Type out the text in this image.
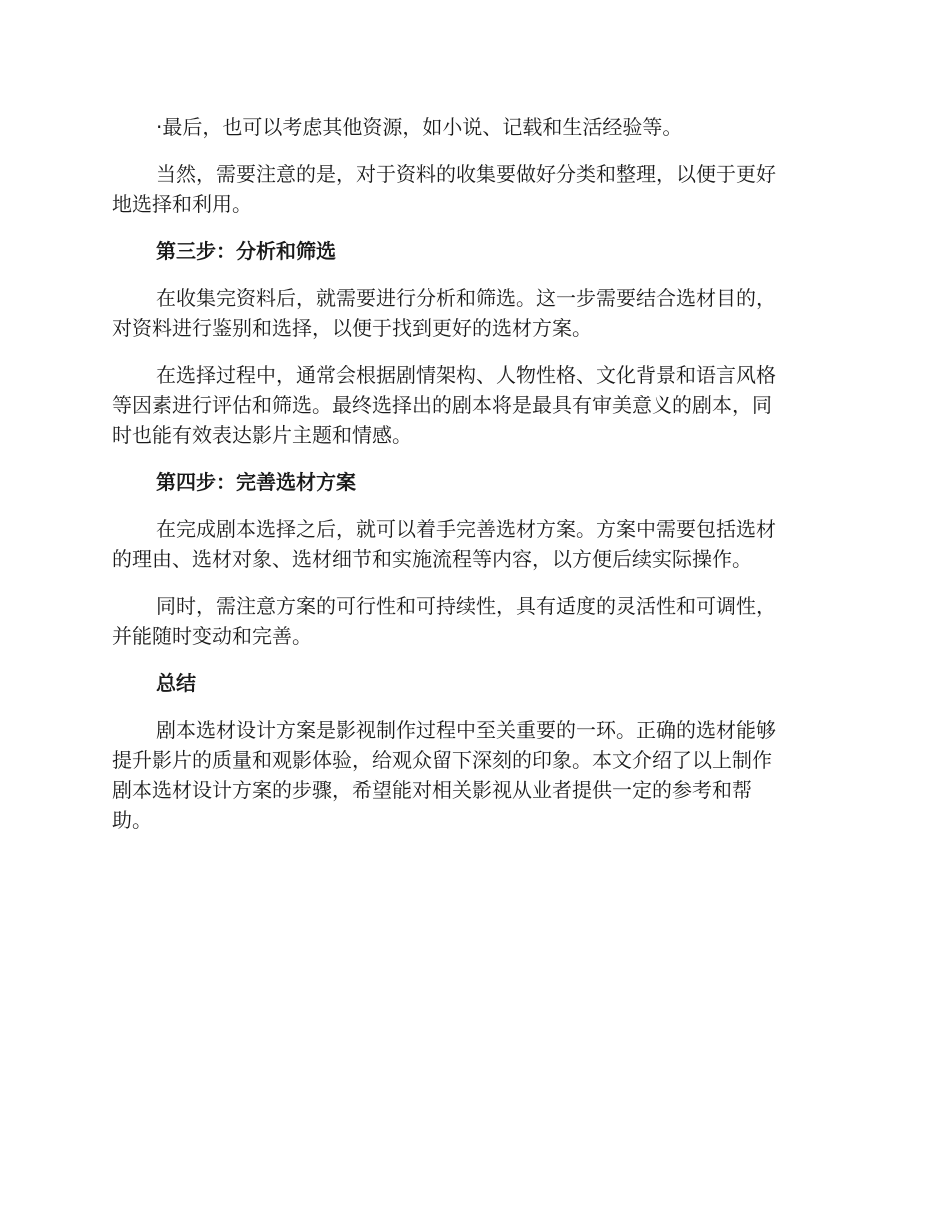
·最后，也可以考虑其他资源，如小说、记载和生活经验等。
当然，需要注意的是，对于资料的收集要做好分类和整理，以便于更好
地选择和利用。
第三步：分析和筛选
在收集完资料后，就需要进行分析和筛选。这一步需要结合选材目的，
对资料进行鉴别和选择，以便于找到更好的选材方案。
在选择过程中，通常会根据剧情架构、人物性格、文化背景和语言风格
等因素进行评估和筛选。最终选择出的剧本将是最具有审美意义的剧本，同
时也能有效表达影片主题和情感。
第四步：完善选材方案
在完成剧本选择之后，就可以着手完善选材方案。方案中需要包括选材
的理由、选材对象、选材细节和实施流程等内容，以方便后续实际操作。
同时，需注意方案的可行性和可持续性，具有适度的灵活性和可调性，
并能随时变动和完善。
总结
剧本选材设计方案是影视制作过程中至关重要的一环。正确的选材能够
提升影片的质量和观影体验，给观众留下深刻的印象。本文介绍了以上制作
剧本选材设计方案的步骤，希望能对相关影视从业者提供一定的参考和帮
助。
